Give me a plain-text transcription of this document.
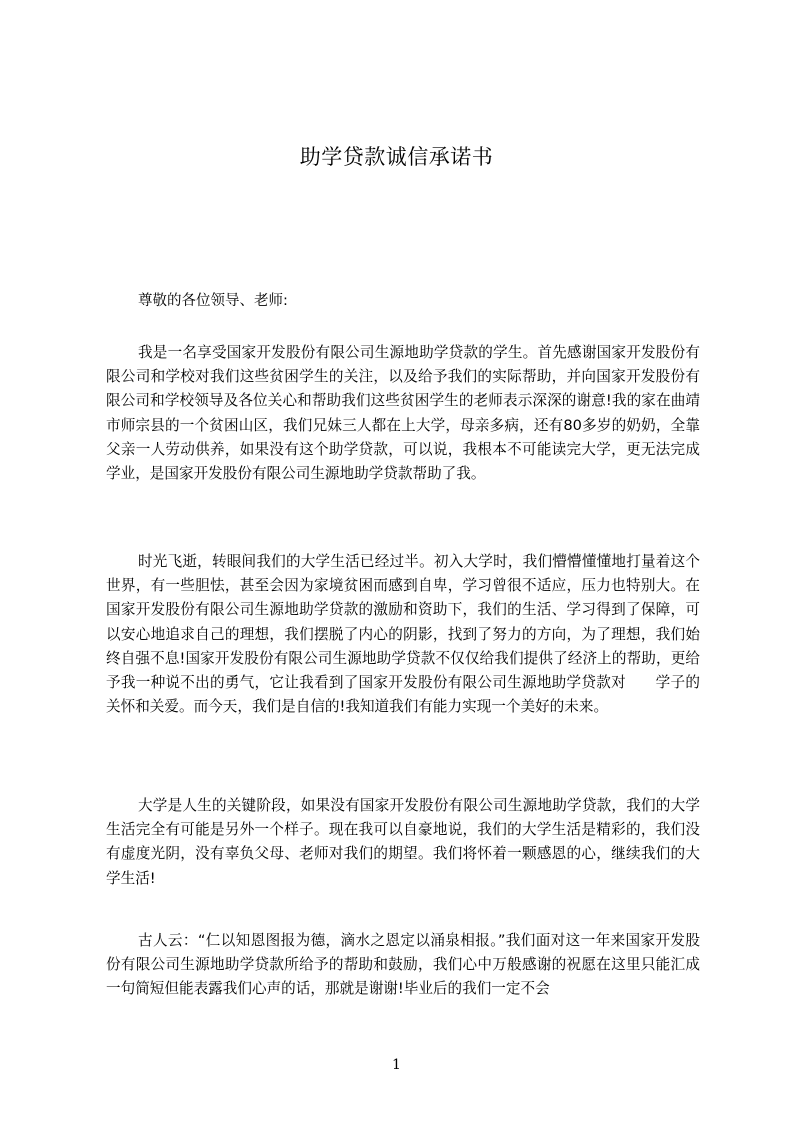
助学贷款诚信承诺书
尊敬的各位领导、老师:

我是一名享受国家开发股份有限公司生源地助学贷款的学生。首先感谢国家开发股份有限公司和学校对我们这些贫困学生的关注，以及给予我们的实际帮助，并向国家开发股份有限公司和学校领导及各位关心和帮助我们这些贫困学生的老师表示深深的谢意!我的家在曲靖市师宗县的一个贫困山区，我们兄妹三人都在上大学，母亲多病，还有80多岁的奶奶，全靠父亲一人劳动供养，如果没有这个助学贷款，可以说，我根本不可能读完大学，更无法完成学业，是国家开发股份有限公司生源地助学贷款帮助了我。

时光飞逝，转眼间我们的大学生活已经过半。初入大学时，我们懵懵懂懂地打量着这个世界，有一些胆怯，甚至会因为家境贫困而感到自卑，学习曾很不适应，压力也特别大。在国家开发股份有限公司生源地助学贷款的激励和资助下，我们的生活、学习得到了保障，可以安心地追求自己的理想，我们摆脱了内心的阴影，找到了努力的方向，为了理想，我们始终自强不息!国家开发股份有限公司生源地助学贷款不仅仅给我们提供了经济上的帮助，更给予我一种说不出的勇气，它让我看到了国家开发股份有限公司生源地助学贷款对　　学子的关怀和关爱。而今天，我们是自信的!我知道我们有能力实现一个美好的未来。

大学是人生的关键阶段，如果没有国家开发股份有限公司生源地助学贷款，我们的大学生活完全有可能是另外一个样子。现在我可以自豪地说，我们的大学生活是精彩的，我们没有虚度光阴，没有辜负父母、老师对我们的期望。我们将怀着一颗感恩的心，继续我们的大学生活!

古人云：“仁以知恩图报为德，滴水之恩定以涌泉相报。”我们面对这一年来国家开发股份有限公司生源地助学贷款所给予的帮助和鼓励，我们心中万般感谢的祝愿在这里只能汇成一句简短但能表露我们心声的话，那就是谢谢!毕业后的我们一定不会

1
